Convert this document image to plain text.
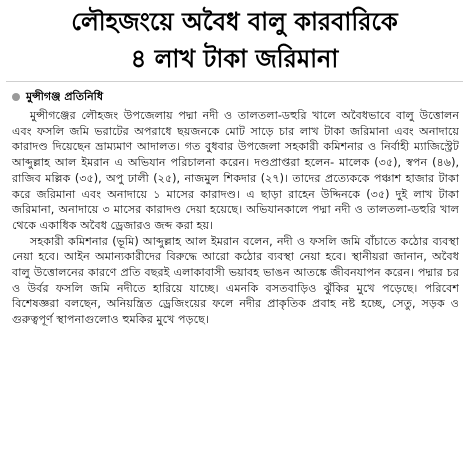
লৌহজংয়ে অবৈধ বালু কারবারিকে
৪ লাখ টাকা জরিমানা
মুন্সীগঞ্জ প্রতিনিধি

মুন্সীগঞ্জের লৌহজং উপজেলায় পদ্মা নদী ও তালতলা-ডহুরি খালে অবৈধভাবে বালু উত্তোলন এবং ফসলি জমি ভরাটের অপরাধে ছয়জনকে মোট সাড়ে চার লাখ টাকা জরিমানা এবং অনাদায়ে কারাদণ্ড দিয়েছেন ভ্রাম্যমাণ আদালত। গত বুধবার উপজেলা সহকারী কমিশনার ও নির্বাহী ম্যাজিস্ট্রেট আব্দুল্লাহ আল ইমরান এ অভিযান পরিচালনা করেন। দণ্ডপ্রাপ্তরা হলেন- মালেক (৩৫), স্বপন (৪৬), রাজিব মল্লিক (৩৫), অপু ঢালী (২৫), নাজমুল শিকদার (২৭)। তাদের প্রত্যেককে পঞ্চাশ হাজার টাকা করে জরিমানা এবং অনাদায়ে ১ মাসের কারাদণ্ড। এ ছাড়া রাহেন উদ্দিনকে (৩৫) দুই লাখ টাকা জরিমানা, অনাদায়ে ৩ মাসের কারাদণ্ড দেয়া হয়েছে। অভিযানকালে পদ্মা নদী ও তালতলা-ডহুরি খাল থেকে একাধিক অবৈধ ড্রেজারও জব্দ করা হয়।

সহকারী কমিশনার (ভূমি) আব্দুল্লাহ আল ইমরান বলেন, নদী ও ফসলি জমি বাঁচাতে কঠোর ব্যবস্থা নেয়া হবে। আইন অমান্যকারীদের বিরুদ্ধে আরো কঠোর ব্যবস্থা নেয়া হবে। স্থানীয়রা জানান, অবৈধ বালু উত্তোলনের কারণে প্রতি বছরই এলাকাবাসী ভয়াবহ ভাঙন আতঙ্কে জীবনযাপন করেন। পদ্মার চর ও উর্বর ফসলি জমি নদীতে হারিয়ে যাচ্ছে। এমনকি বসতবাড়িও ঝুঁকির মুখে পড়েছে। পরিবেশ বিশেষজ্ঞরা বলছেন, অনিয়ন্ত্রিত ড্রেজিংয়ের ফলে নদীর প্রাকৃতিক প্রবাহ নষ্ট হচ্ছে, সেতু, সড়ক ও গুরুত্বপূর্ণ স্থাপনাগুলোও হুমকির মুখে পড়ছে।
